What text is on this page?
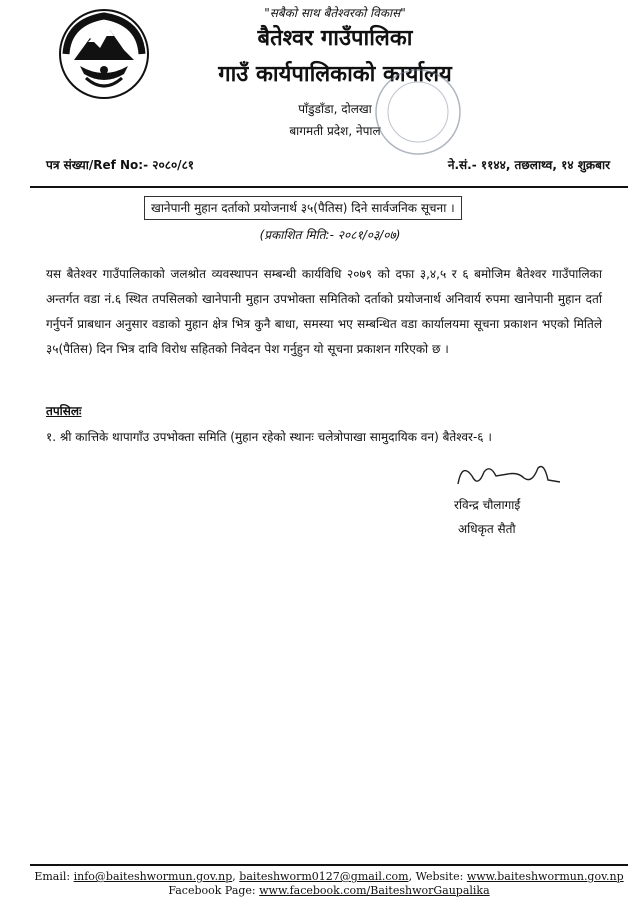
"सबैको साथ बैतेश्वरको विकास"
बैतेश्वर गाउँपालिका
गाउँ कार्यपालिकाको कार्यालय
पाँडुडाँडा, दोलखा
बागमती प्रदेश, नेपाल
पत्र संख्या/Ref No:- २०८०/८१	ने.सं.- ११४४, तछलाथ्व, १४ शुक्रबार
खानेपानी मुहान दर्ताको प्रयोजनार्थ ३५(पैतिस) दिने सार्वजनिक सूचना ।
(प्रकाशित मिति:- २०८१/०३/०७)
यस बैतेश्वर गाउँपालिकाको जलश्रोत व्यवस्थापन सम्बन्धी कार्यविधि २०७९ को दफा ३,४,५ र ६ बमोजिम बैतेश्वर गाउँपालिका अन्तर्गत वडा नं.६ स्थित तपसिलको खानेपानी मुहान उपभोक्ता समितिको दर्ताको प्रयोजनार्थ अनिवार्य रुपमा खानेपानी मुहान दर्ता गर्नुपर्ने प्राबधान अनुसार वडाको मुहान क्षेत्र भित्र कुनै बाधा, समस्या भए सम्बन्धित वडा कार्यालयमा सूचना प्रकाशन भएको मितिले ३५(पैतिस) दिन भित्र दावि विरोध सहितको निवेदन पेश गर्नुहुन यो सूचना प्रकाशन गरिएको छ ।
तपसिलः
१. श्री कात्तिके थापागाँउ उपभोक्ता समिति (मुहान रहेको स्थानः चलेत्रोपाखा सामुदायिक वन) बैतेश्वर-६ ।
रविन्द्र चौलागाईं
अधिकृत सैतौ
Email: info@baiteshwormun.gov.np, baiteshworm0127@gmail.com, Website: www.baiteshwormun.gov.np
Facebook Page: www.facebook.com/BaiteshworGaupalika
